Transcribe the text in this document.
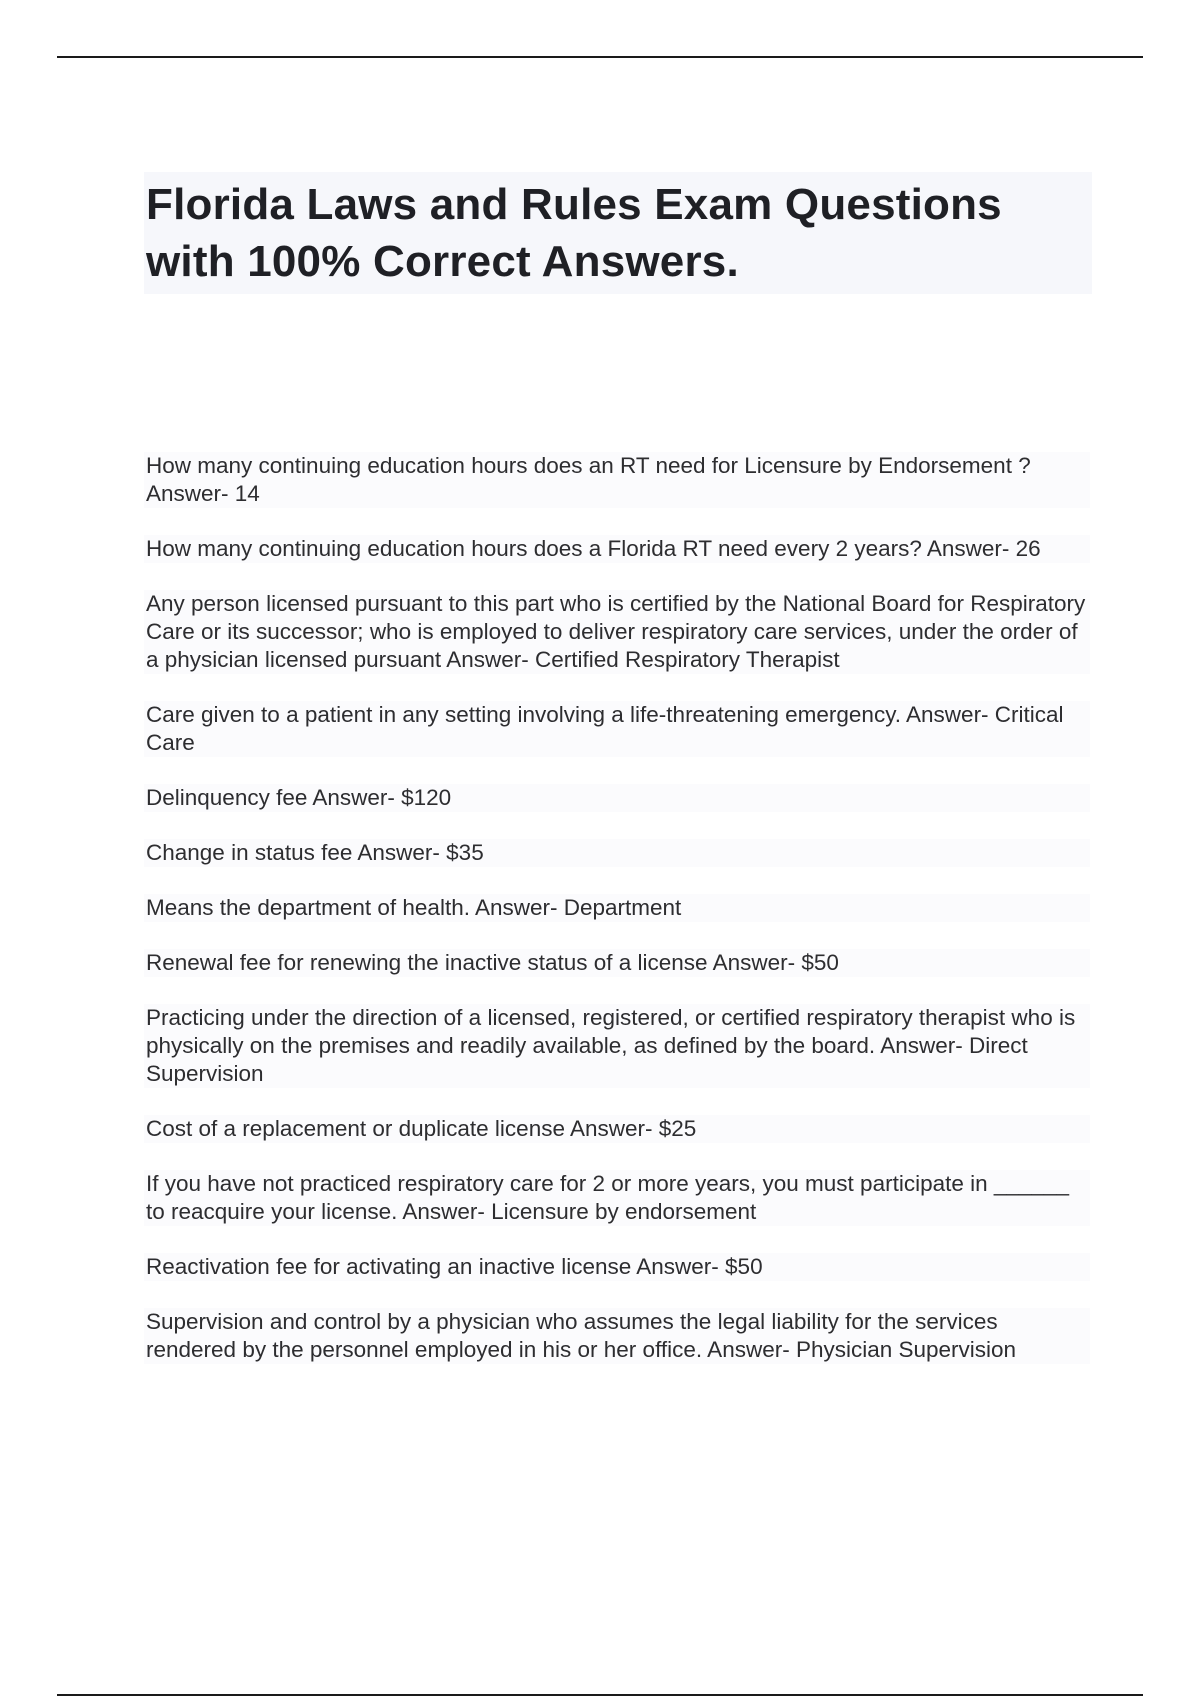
Florida Laws and Rules Exam Questions with 100% Correct Answers.
How many continuing education hours does an RT need for Licensure by Endorsement ? Answer- 14
How many continuing education hours does a Florida RT need every 2 years? Answer- 26
Any person licensed pursuant to this part who is certified by the National Board for Respiratory Care or its successor; who is employed to deliver respiratory care services, under the order of a physician licensed pursuant Answer- Certified Respiratory Therapist
Care given to a patient in any setting involving a life-threatening emergency. Answer- Critical Care
Delinquency fee Answer- $120
Change in status fee Answer- $35
Means the department of health. Answer- Department
Renewal fee for renewing the inactive status of a license Answer- $50
Practicing under the direction of a licensed, registered, or certified respiratory therapist who is physically on the premises and readily available, as defined by the board. Answer- Direct Supervision
Cost of a replacement or duplicate license Answer- $25
If you have not practiced respiratory care for 2 or more years, you must participate in ______ to reacquire your license. Answer- Licensure by endorsement
Reactivation fee for activating an inactive license Answer- $50
Supervision and control by a physician who assumes the legal liability for the services rendered by the personnel employed in his or her office. Answer- Physician Supervision
